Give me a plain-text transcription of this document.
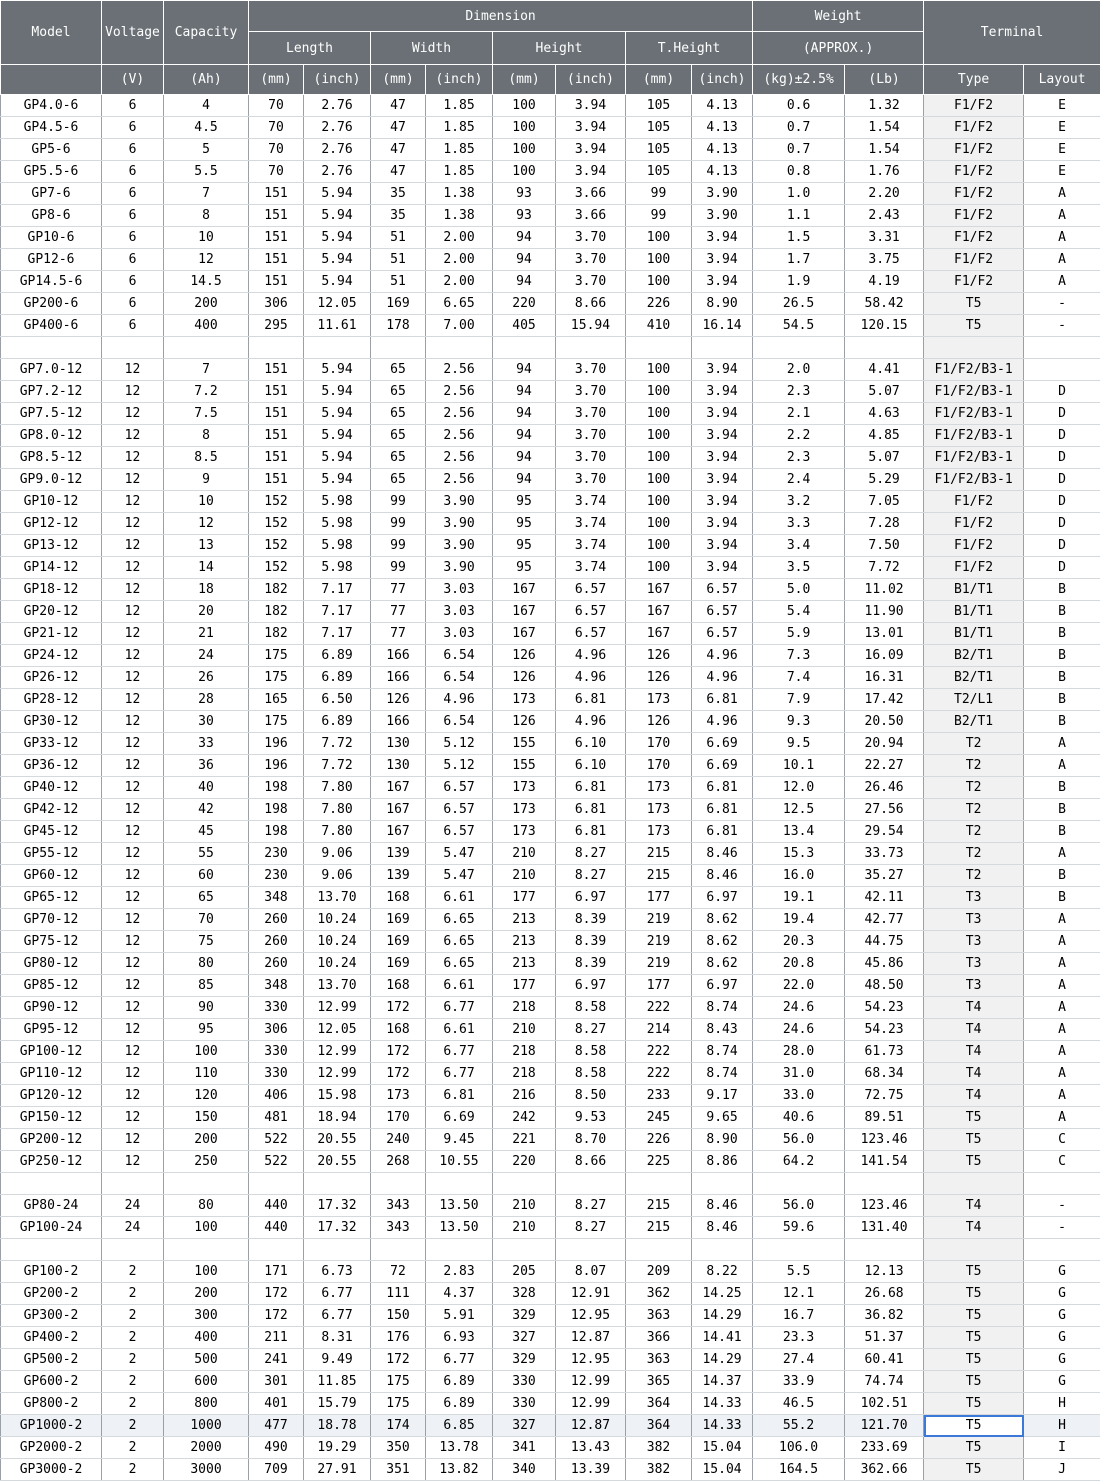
Model	Voltage	Capacity	Dimension								Weight		Terminal	
			Length		Width		Height		T.Height		(APPROX.)			
	(V)	(Ah)	(mm)	(inch)	(mm)	(inch)	(mm)	(inch)	(mm)	(inch)	(kg)±2.5%	(Lb)	Type	Layout
GP4.0-6	6	4	70	2.76	47	1.85	100	3.94	105	4.13	0.6	1.32	F1/F2	E
GP4.5-6	6	4.5	70	2.76	47	1.85	100	3.94	105	4.13	0.7	1.54	F1/F2	E
GP5-6	6	5	70	2.76	47	1.85	100	3.94	105	4.13	0.7	1.54	F1/F2	E
GP5.5-6	6	5.5	70	2.76	47	1.85	100	3.94	105	4.13	0.8	1.76	F1/F2	E
GP7-6	6	7	151	5.94	35	1.38	93	3.66	99	3.90	1.0	2.20	F1/F2	A
GP8-6	6	8	151	5.94	35	1.38	93	3.66	99	3.90	1.1	2.43	F1/F2	A
GP10-6	6	10	151	5.94	51	2.00	94	3.70	100	3.94	1.5	3.31	F1/F2	A
GP12-6	6	12	151	5.94	51	2.00	94	3.70	100	3.94	1.7	3.75	F1/F2	A
GP14.5-6	6	14.5	151	5.94	51	2.00	94	3.70	100	3.94	1.9	4.19	F1/F2	A
GP200-6	6	200	306	12.05	169	6.65	220	8.66	226	8.90	26.5	58.42	T5	-
GP400-6	6	400	295	11.61	178	7.00	405	15.94	410	16.14	54.5	120.15	T5	-

GP7.0-12	12	7	151	5.94	65	2.56	94	3.70	100	3.94	2.0	4.41	F1/F2/B3-1	
GP7.2-12	12	7.2	151	5.94	65	2.56	94	3.70	100	3.94	2.3	5.07	F1/F2/B3-1	D
GP7.5-12	12	7.5	151	5.94	65	2.56	94	3.70	100	3.94	2.1	4.63	F1/F2/B3-1	D
GP8.0-12	12	8	151	5.94	65	2.56	94	3.70	100	3.94	2.2	4.85	F1/F2/B3-1	D
GP8.5-12	12	8.5	151	5.94	65	2.56	94	3.70	100	3.94	2.3	5.07	F1/F2/B3-1	D
GP9.0-12	12	9	151	5.94	65	2.56	94	3.70	100	3.94	2.4	5.29	F1/F2/B3-1	D
GP10-12	12	10	152	5.98	99	3.90	95	3.74	100	3.94	3.2	7.05	F1/F2	D
GP12-12	12	12	152	5.98	99	3.90	95	3.74	100	3.94	3.3	7.28	F1/F2	D
GP13-12	12	13	152	5.98	99	3.90	95	3.74	100	3.94	3.4	7.50	F1/F2	D
GP14-12	12	14	152	5.98	99	3.90	95	3.74	100	3.94	3.5	7.72	F1/F2	D
GP18-12	12	18	182	7.17	77	3.03	167	6.57	167	6.57	5.0	11.02	B1/T1	B
GP20-12	12	20	182	7.17	77	3.03	167	6.57	167	6.57	5.4	11.90	B1/T1	B
GP21-12	12	21	182	7.17	77	3.03	167	6.57	167	6.57	5.9	13.01	B1/T1	B
GP24-12	12	24	175	6.89	166	6.54	126	4.96	126	4.96	7.3	16.09	B2/T1	B
GP26-12	12	26	175	6.89	166	6.54	126	4.96	126	4.96	7.4	16.31	B2/T1	B
GP28-12	12	28	165	6.50	126	4.96	173	6.81	173	6.81	7.9	17.42	T2/L1	B
GP30-12	12	30	175	6.89	166	6.54	126	4.96	126	4.96	9.3	20.50	B2/T1	B
GP33-12	12	33	196	7.72	130	5.12	155	6.10	170	6.69	9.5	20.94	T2	A
GP36-12	12	36	196	7.72	130	5.12	155	6.10	170	6.69	10.1	22.27	T2	A
GP40-12	12	40	198	7.80	167	6.57	173	6.81	173	6.81	12.0	26.46	T2	B
GP42-12	12	42	198	7.80	167	6.57	173	6.81	173	6.81	12.5	27.56	T2	B
GP45-12	12	45	198	7.80	167	6.57	173	6.81	173	6.81	13.4	29.54	T2	B
GP55-12	12	55	230	9.06	139	5.47	210	8.27	215	8.46	15.3	33.73	T2	A
GP60-12	12	60	230	9.06	139	5.47	210	8.27	215	8.46	16.0	35.27	T2	B
GP65-12	12	65	348	13.70	168	6.61	177	6.97	177	6.97	19.1	42.11	T3	B
GP70-12	12	70	260	10.24	169	6.65	213	8.39	219	8.62	19.4	42.77	T3	A
GP75-12	12	75	260	10.24	169	6.65	213	8.39	219	8.62	20.3	44.75	T3	A
GP80-12	12	80	260	10.24	169	6.65	213	8.39	219	8.62	20.8	45.86	T3	A
GP85-12	12	85	348	13.70	168	6.61	177	6.97	177	6.97	22.0	48.50	T3	A
GP90-12	12	90	330	12.99	172	6.77	218	8.58	222	8.74	24.6	54.23	T4	A
GP95-12	12	95	306	12.05	168	6.61	210	8.27	214	8.43	24.6	54.23	T4	A
GP100-12	12	100	330	12.99	172	6.77	218	8.58	222	8.74	28.0	61.73	T4	A
GP110-12	12	110	330	12.99	172	6.77	218	8.58	222	8.74	31.0	68.34	T4	A
GP120-12	12	120	406	15.98	173	6.81	216	8.50	233	9.17	33.0	72.75	T4	A
GP150-12	12	150	481	18.94	170	6.69	242	9.53	245	9.65	40.6	89.51	T5	A
GP200-12	12	200	522	20.55	240	9.45	221	8.70	226	8.90	56.0	123.46	T5	C
GP250-12	12	250	522	20.55	268	10.55	220	8.66	225	8.86	64.2	141.54	T5	C

GP80-24	24	80	440	17.32	343	13.50	210	8.27	215	8.46	56.0	123.46	T4	-
GP100-24	24	100	440	17.32	343	13.50	210	8.27	215	8.46	59.6	131.40	T4	-

GP100-2	2	100	171	6.73	72	2.83	205	8.07	209	8.22	5.5	12.13	T5	G
GP200-2	2	200	172	6.77	111	4.37	328	12.91	362	14.25	12.1	26.68	T5	G
GP300-2	2	300	172	6.77	150	5.91	329	12.95	363	14.29	16.7	36.82	T5	G
GP400-2	2	400	211	8.31	176	6.93	327	12.87	366	14.41	23.3	51.37	T5	G
GP500-2	2	500	241	9.49	172	6.77	329	12.95	363	14.29	27.4	60.41	T5	G
GP600-2	2	600	301	11.85	175	6.89	330	12.99	365	14.37	33.9	74.74	T5	G
GP800-2	2	800	401	15.79	175	6.89	330	12.99	364	14.33	46.5	102.51	T5	H
GP1000-2	2	1000	477	18.78	174	6.85	327	12.87	364	14.33	55.2	121.70	T5	H
GP2000-2	2	2000	490	19.29	350	13.78	341	13.43	382	15.04	106.0	233.69	T5	I
GP3000-2	2	3000	709	27.91	351	13.82	340	13.39	382	15.04	164.5	362.66	T5	J
